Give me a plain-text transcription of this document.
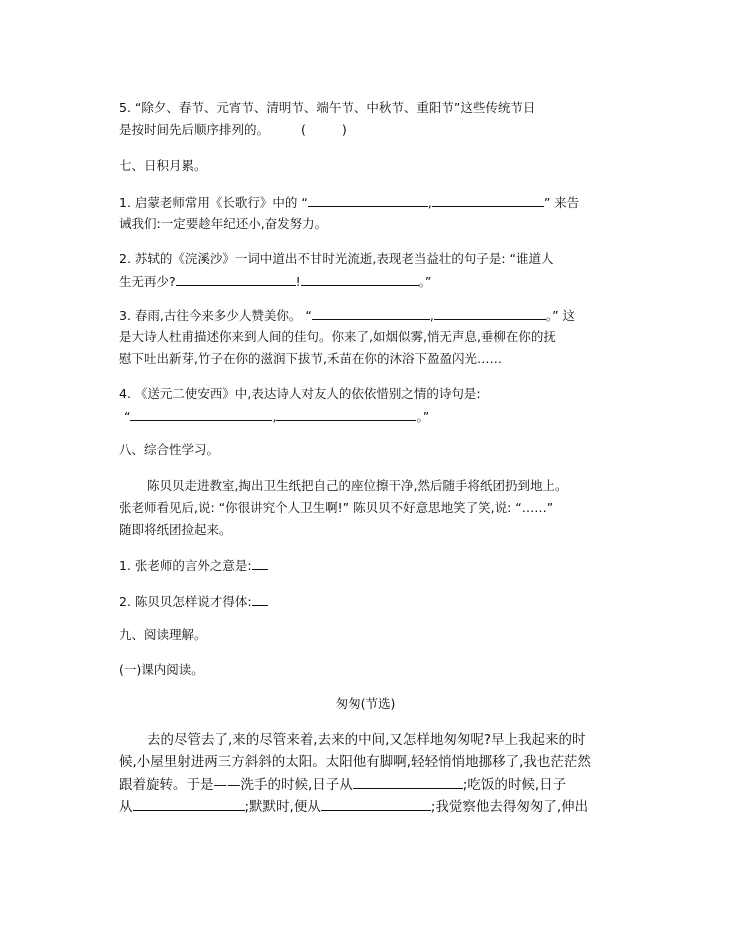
5. “除夕、春节、元宵节、清明节、端午节、中秋节、重阳节”这些传统节日
是按时间先后顺序排列的。	(	)
七、日积月累。
1. 启蒙老师常用《长歌行》中的 “	,	” 来告
诫我们:一定要趁年纪还小,奋发努力。
2. 苏轼的《浣溪沙》一词中道出不甘时光流逝,表现老当益壮的句子是: “谁道人
生无再少?	!	。”
3. 春雨,古往今来多少人赞美你。 “	,	。” 这
是大诗人杜甫描述你来到人间的佳句。你来了,如烟似雾,悄无声息,垂柳在你的抚
慰下吐出新芽,竹子在你的滋润下拔节,禾苗在你的沐浴下盈盈闪光……
4. 《送元二使安西》中,表达诗人对友人的依依惜别之情的诗句是:
“	,	。”
八、综合性学习。
陈贝贝走进教室,掏出卫生纸把自己的座位擦干净,然后随手将纸团扔到地上。
张老师看见后,说: “你很讲究个人卫生啊!” 陈贝贝不好意思地笑了笑,说: “……”
随即将纸团捡起来。
1. 张老师的言外之意是:
2. 陈贝贝怎样说才得体:
九、阅读理解。
(一)课内阅读。
匆匆(节选)
去的尽管去了,来的尽管来着,去来的中间,又怎样地匆匆呢?早上我起来的时
候,小屋里射进两三方斜斜的太阳。太阳他有脚啊,轻轻悄悄地挪移了,我也茫茫然
跟着旋转。于是——洗手的时候,日子从	;吃饭的时候,日子
从	;默默时,便从	;我觉察他去得匆匆了,伸出
